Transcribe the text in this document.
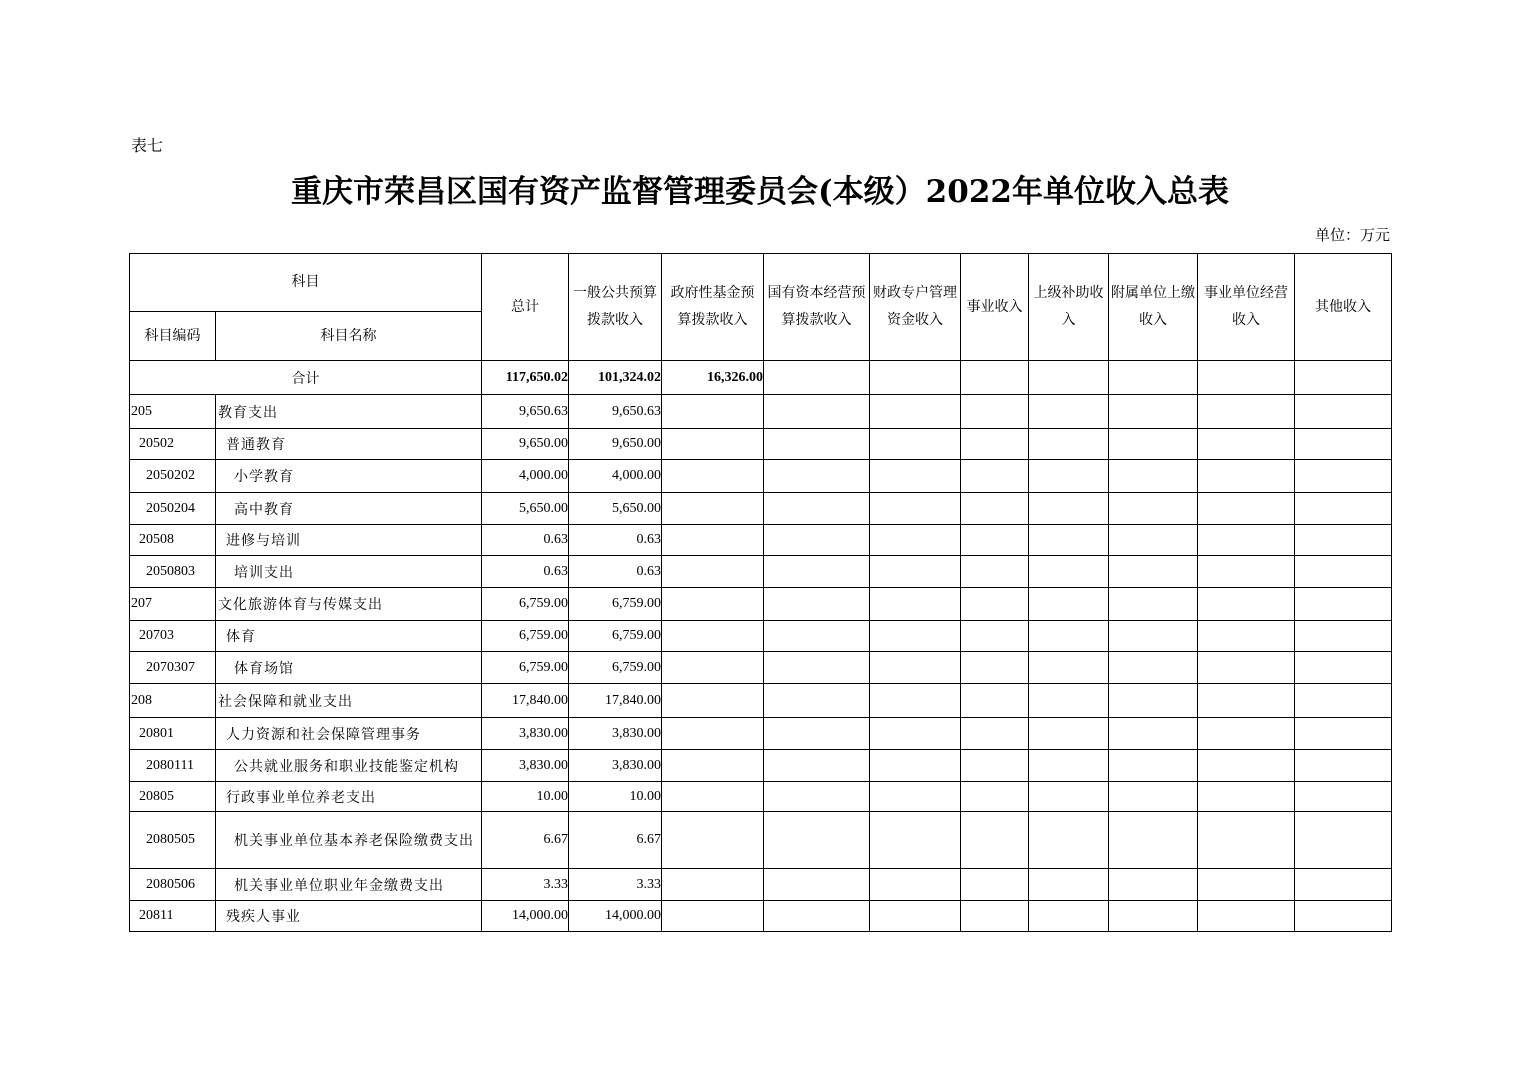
表七
重庆市荣昌区国有资产监督管理委员会(本级）2022年单位收入总表
单位：万元
科目		总计	一般公共预算拨款收入	政府性基金预算拨款收入	国有资本经营预算拨款收入	财政专户管理资金收入	事业收入	上级补助收入	附属单位上缴收入	事业单位经营收入	其他收入
科目编码	科目名称										
合计		117,650.02	101,324.02	16,326.00							
205	教育支出	9,650.63	9,650.63								
20502	普通教育	9,650.00	9,650.00								
2050202	小学教育	4,000.00	4,000.00								
2050204	高中教育	5,650.00	5,650.00								
20508	进修与培训	0.63	0.63								
2050803	培训支出	0.63	0.63								
207	文化旅游体育与传媒支出	6,759.00	6,759.00								
20703	体育	6,759.00	6,759.00								
2070307	体育场馆	6,759.00	6,759.00								
208	社会保障和就业支出	17,840.00	17,840.00								
20801	人力资源和社会保障管理事务	3,830.00	3,830.00								
2080111	公共就业服务和职业技能鉴定机构	3,830.00	3,830.00								
20805	行政事业单位养老支出	10.00	10.00								
2080505	机关事业单位基本养老保险缴费支出	6.67	6.67								
2080506	机关事业单位职业年金缴费支出	3.33	3.33								
20811	残疾人事业	14,000.00	14,000.00								
